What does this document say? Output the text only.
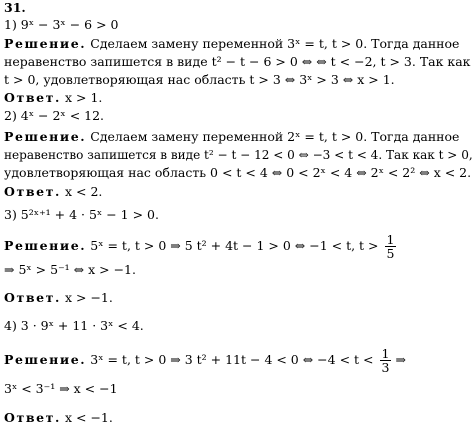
31.
1) 9ˣ − 3ˣ − 6 > 0
Решение. Сделаем замену переменной 3ˣ = t, t > 0. Тогда данное
неравенство запишется в виде t² − t − 6 > 0 ⇔ ⇔ t < −2, t > 3. Так как
t > 0, удовлетворяющая нас область t > 3 ⇔ 3ˣ > 3 ⇔ x > 1.
Ответ. x > 1.
2) 4ˣ − 2ˣ < 12.
Решение. Сделаем замену переменной 2ˣ = t, t > 0. Тогда данное
неравенство запишется в виде t² − t − 12 < 0 ⇔ −3 < t < 4. Так как t > 0,
удовлетворяющая нас область 0 < t < 4 ⇔ 0 < 2ˣ < 4 ⇔ 2ˣ < 2² ⇔ x < 2.
Ответ. x < 2.
3) 5²ˣ⁺¹ + 4 · 5ˣ − 1 > 0.
Решение. 5ˣ = t, t > 0 ⇒ 5 t² + 4t − 1 > 0 ⇔ −1 < t, $t > \frac{1}{5}$
⇒ 5ˣ > 5⁻¹ ⇔ x > −1.
Ответ. x > −1.
4) 3 · 9ˣ + 11 · 3ˣ < 4.
Решение. 3ˣ = t, t > 0 ⇒ 3 t² + 11t − 4 < 0 ⇔ $-4 < t < \frac{1}{3}$ ⇒
3ˣ < 3⁻¹ ⇒ x < −1
Ответ. x < −1.
